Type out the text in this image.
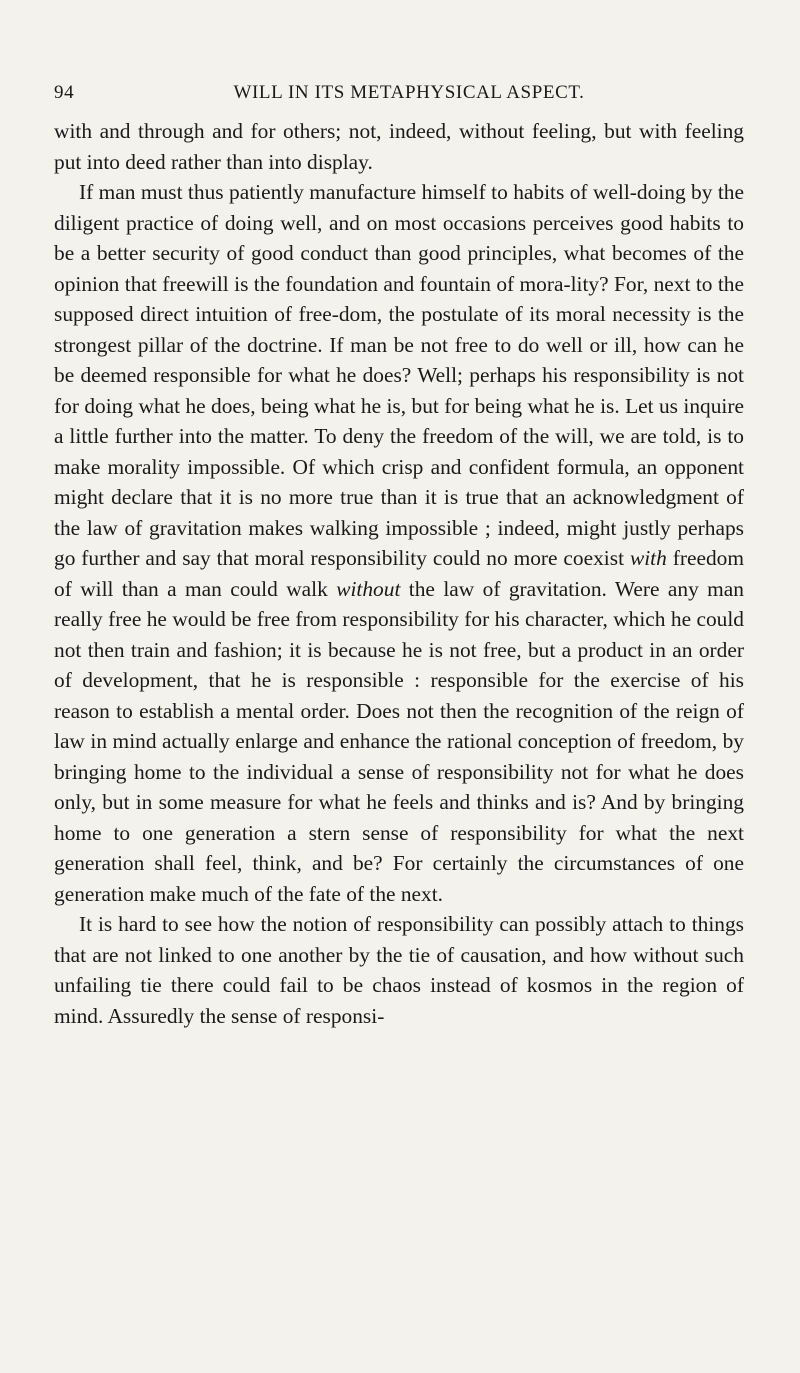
94	WILL IN ITS METAPHYSICAL ASPECT.

with and through and for others; not, indeed, without feeling, but with feeling put into deed rather than into display.

If man must thus patiently manufacture himself to habits of well-doing by the diligent practice of doing well, and on most occasions perceives good habits to be a better security of good conduct than good principles, what becomes of the opinion that freewill is the foundation and fountain of mora-lity? For, next to the supposed direct intuition of free-dom, the postulate of its moral necessity is the strongest pillar of the doctrine. If man be not free to do well or ill, how can he be deemed responsible for what he does? Well; perhaps his responsibility is not for doing what he does, being what he is, but for being what he is. Let us inquire a little further into the matter. To deny the freedom of the will, we are told, is to make morality impossible. Of which crisp and confident formula, an opponent might declare that it is no more true than it is true that an acknowledgment of the law of gravitation makes walking impossible ; indeed, might justly perhaps go further and say that moral responsibility could no more coexist with freedom of will than a man could walk without the law of gravitation. Were any man really free he would be free from responsibility for his character, which he could not then train and fashion; it is because he is not free, but a product in an order of development, that he is responsible : responsible for the exercise of his reason to establish a mental order. Does not then the recognition of the reign of law in mind actually enlarge and enhance the rational conception of freedom, by bringing home to the individual a sense of responsibility not for what he does only, but in some measure for what he feels and thinks and is? And by bringing home to one generation a stern sense of responsibility for what the next generation shall feel, think, and be? For certainly the circumstances of one generation make much of the fate of the next.

It is hard to see how the notion of responsibility can possibly attach to things that are not linked to one another by the tie of causation, and how without such unfailing tie there could fail to be chaos instead of kosmos in the region of mind. Assuredly the sense of responsi-
